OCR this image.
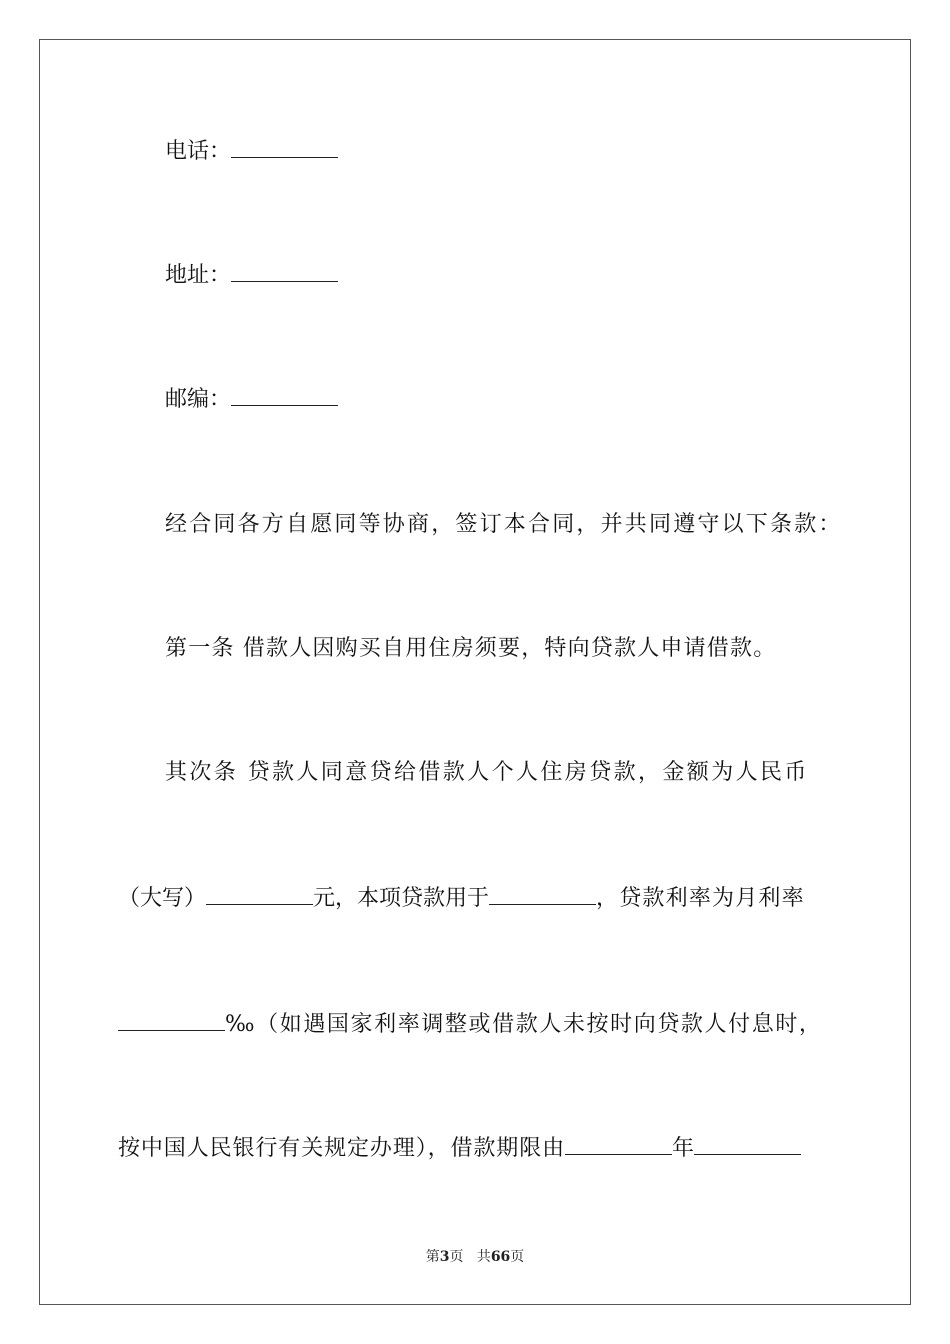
电话：
地址：
邮编：
经合同各方自愿同等协商，签订本合同，并共同遵守以下条款：
第一条 借款人因购买自用住房须要，特向贷款人申请借款。
其次条 贷款人同意贷给借款人个人住房贷款，金额为人民币
（大写）	元，本项贷款用于	，贷款利率为月利率
‰（如遇国家利率调整或借款人未按时向贷款人付息时，
按中国人民银行有关规定办理），借款期限由	年
第3页 共66页
